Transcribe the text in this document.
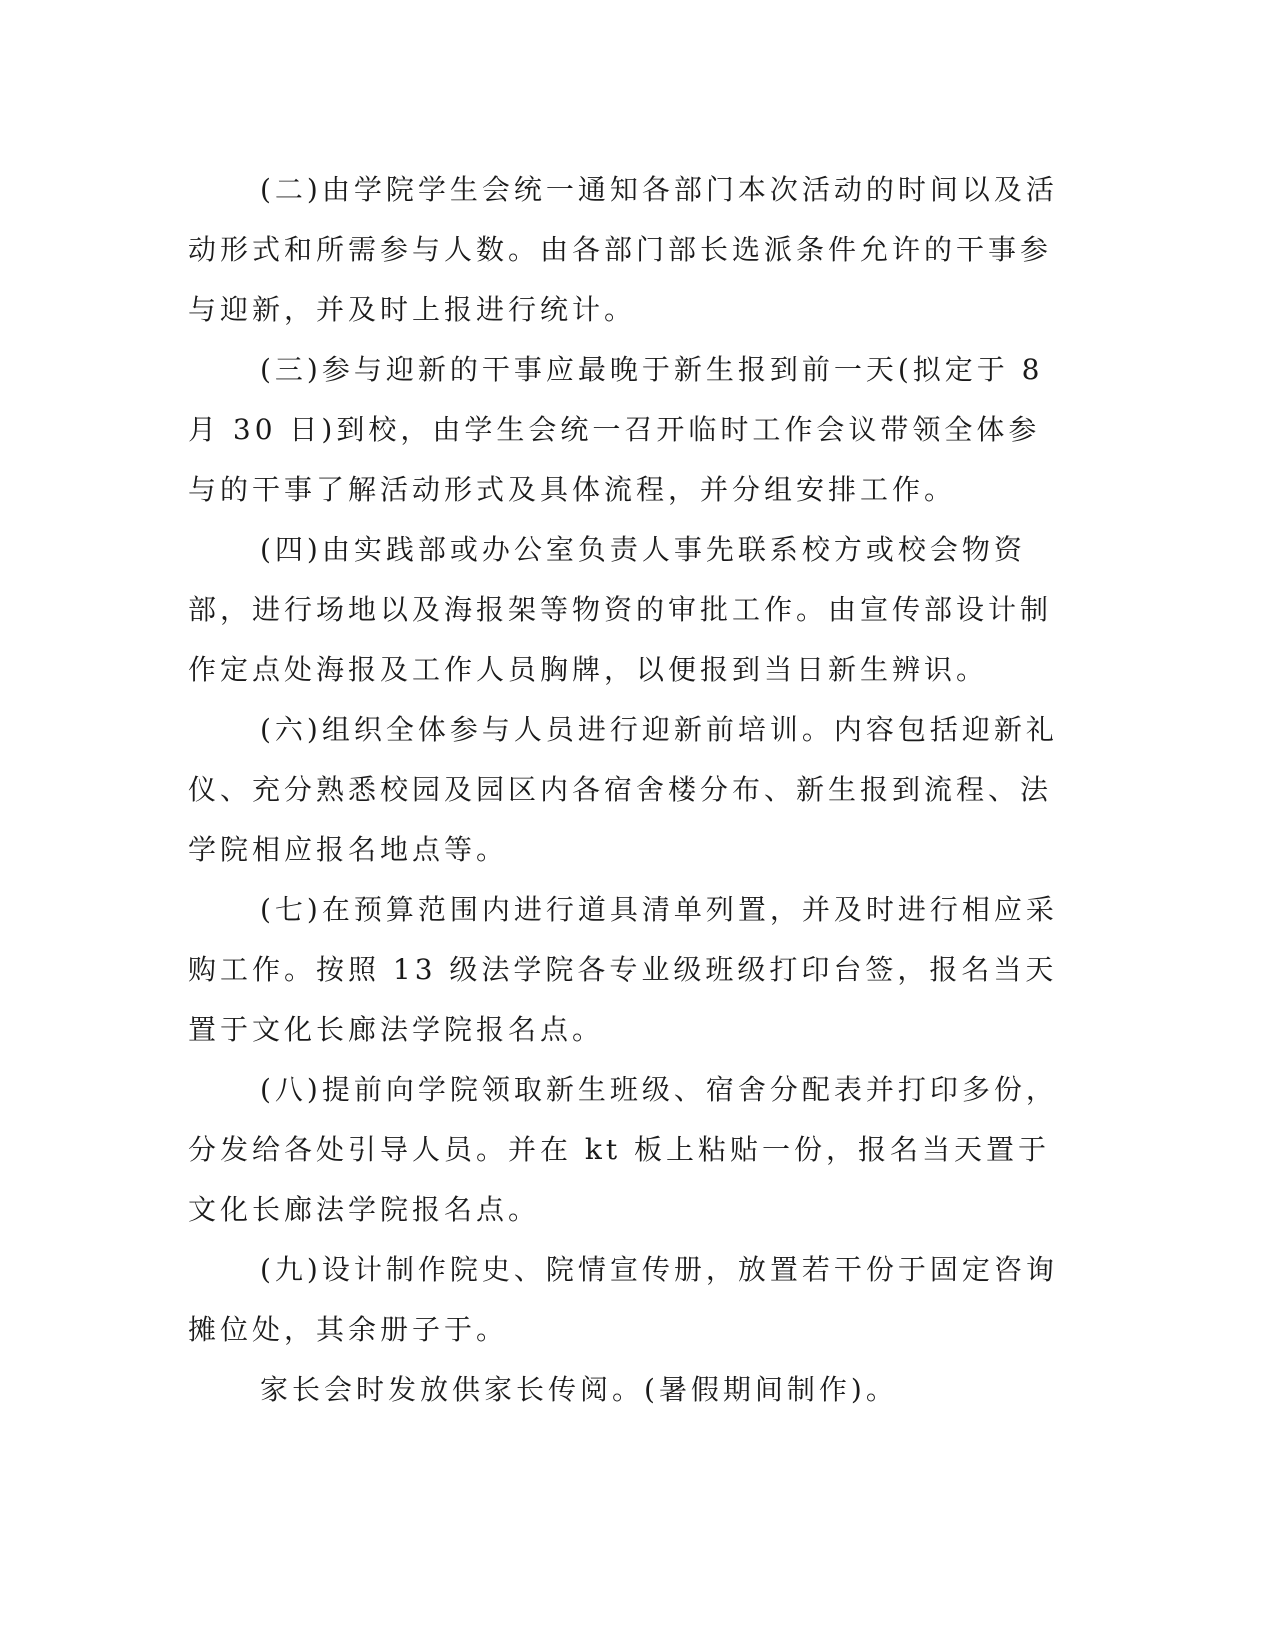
(二)由学院学生会统一通知各部门本次活动的时间以及活动形式和所需参与人数。由各部门部长选派条件允许的干事参与迎新，并及时上报进行统计。

(三)参与迎新的干事应最晚于新生报到前一天(拟定于 8 月 30 日)到校，由学生会统一召开临时工作会议带领全体参与的干事了解活动形式及具体流程，并分组安排工作。

(四)由实践部或办公室负责人事先联系校方或校会物资部，进行场地以及海报架等物资的审批工作。由宣传部设计制作定点处海报及工作人员胸牌，以便报到当日新生辨识。

(六)组织全体参与人员进行迎新前培训。内容包括迎新礼仪、充分熟悉校园及园区内各宿舍楼分布、新生报到流程、法学院相应报名地点等。

(七)在预算范围内进行道具清单列置，并及时进行相应采购工作。按照 13 级法学院各专业级班级打印台签，报名当天置于文化长廊法学院报名点。

(八)提前向学院领取新生班级、宿舍分配表并打印多份，分发给各处引导人员。并在 kt 板上粘贴一份，报名当天置于文化长廊法学院报名点。

(九)设计制作院史、院情宣传册，放置若干份于固定咨询摊位处，其余册子于。

家长会时发放供家长传阅。(暑假期间制作)。
